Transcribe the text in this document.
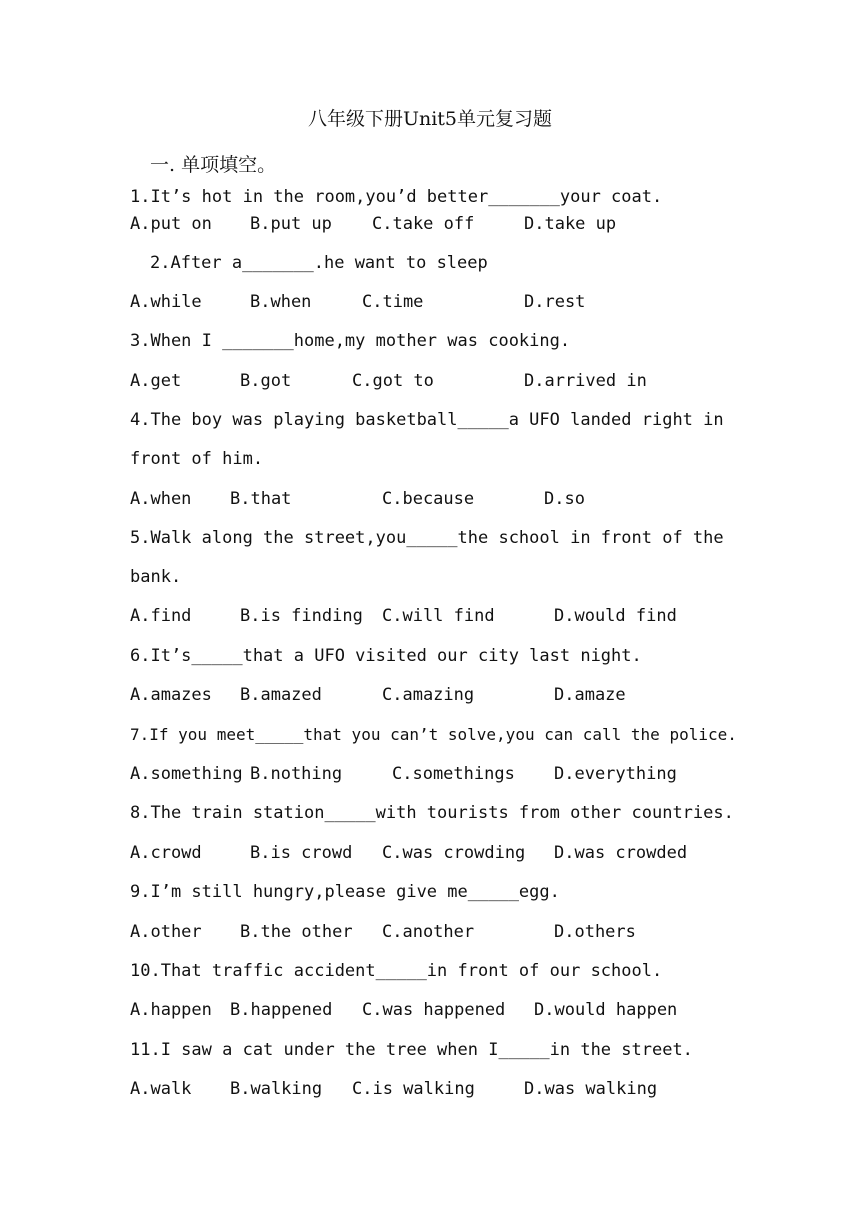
八年级下册Unit5单元复习题
一. 单项填空。
1.It’s hot in the room,you’d better_______your coat.
A.put on B.put up C.take off	D.take up
2.After a_______.he want to sleep
A.while	B.when	C.time	D.rest
3.When I _______home,my mother was cooking.
A.get	B.got	C.got to	D.arrived in
4.The boy was playing basketball_____a UFO landed right in
front of him.
A.when B.that	C.because	D.so
5.Walk along the street,you_____the school in front of the
bank.
A.find	B.is finding C.will find	D.would find
6.It’s_____that a UFO visited our city last night.
A.amazes B.amazed	C.amazing	D.amaze
7.If you meet_____that you can’t solve,you can call the police.
A.something B.nothing	C.somethings D.everything
8.The train station_____with tourists from other countries.
A.crowd	B.is crowd C.was crowding D.was crowded
9.I’m still hungry,please give me_____egg.
A.other B.the other C.another	D.others
10.That traffic accident_____in front of our school.
A.happen B.happened C.was happened D.would happen
11.I saw a cat under the tree when I_____in the street.
A.walk B.walking C.is walking	D.was walking
